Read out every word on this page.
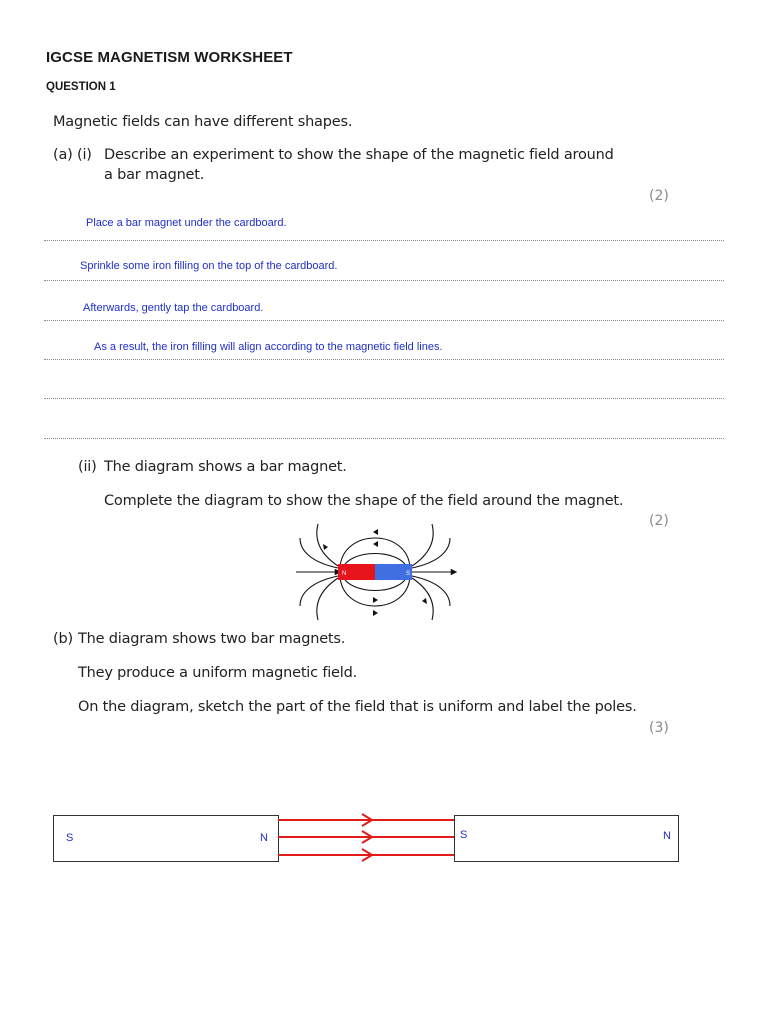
IGCSE MAGNETISM WORKSHEET
QUESTION 1
Magnetic fields can have different shapes.
(a) (i) Describe an experiment to show the shape of the magnetic field around
a bar magnet.
(2)
Place a bar magnet under the cardboard.
Sprinkle some iron filling on the top of the cardboard.
Afterwards, gently tap the cardboard.
As a result, the iron filling will align according to the magnetic field lines.
(ii) The diagram shows a bar magnet.
Complete the diagram to show the shape of the field around the magnet.
(2)
N	S
(b) The diagram shows two bar magnets.
They produce a uniform magnetic field.
On the diagram, sketch the part of the field that is uniform and label the poles.
(3)
S	N	S	N
